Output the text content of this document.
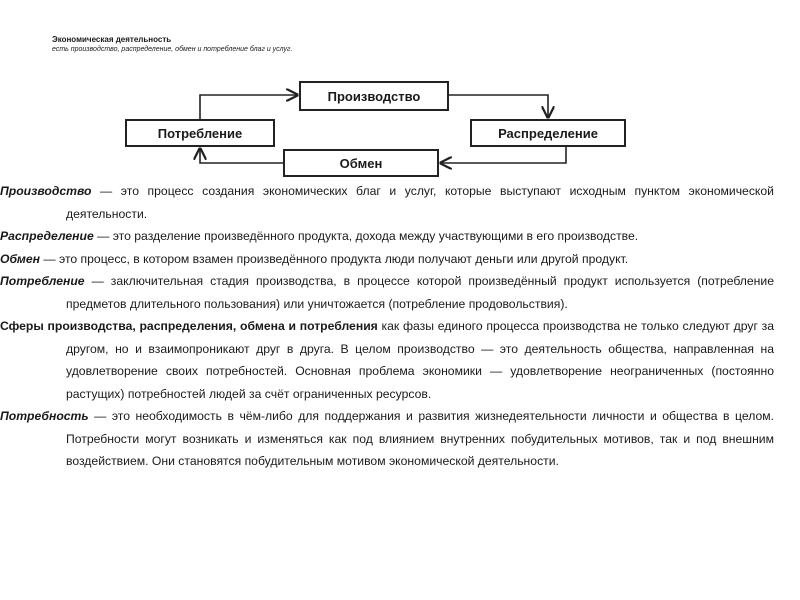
Экономическая деятельность
есть производство, распределение, обмен и потребление благ и услуг.
Производство
Потребление	Распределение
Обмен

Производство — это процесс создания экономических благ и услуг, которые выступают исходным пунктом экономической деятельности.

Распределение — это разделение произведённого продукта, дохода между участвующими в его производстве.

Обмен — это процесс, в котором взамен произведённого продукта люди получают деньги или другой продукт.

Потребление — заключительная стадия производства, в процессе которой произведённый продукт используется (потребление предметов длительного пользования) или уничтожается (потребление продовольствия).

Сферы производства, распределения, обмена и потребления как фазы единого процесса производства не только следуют друг за другом, но и взаимопроникают друг в друга. В целом производство — это деятельность общества, направленная на удовлетворение своих потребностей. Основная проблема экономики — удовлетворение неограниченных (постоянно растущих) потребностей людей за счёт ограниченных ресурсов.

Потребность — это необходимость в чём-либо для поддержания и развития жизнедеятельности личности и общества в целом. Потребности могут возникать и изменяться как под влиянием внутренних побудительных мотивов, так и под внешним воздействием. Они становятся побудительным мотивом экономической деятельности.
